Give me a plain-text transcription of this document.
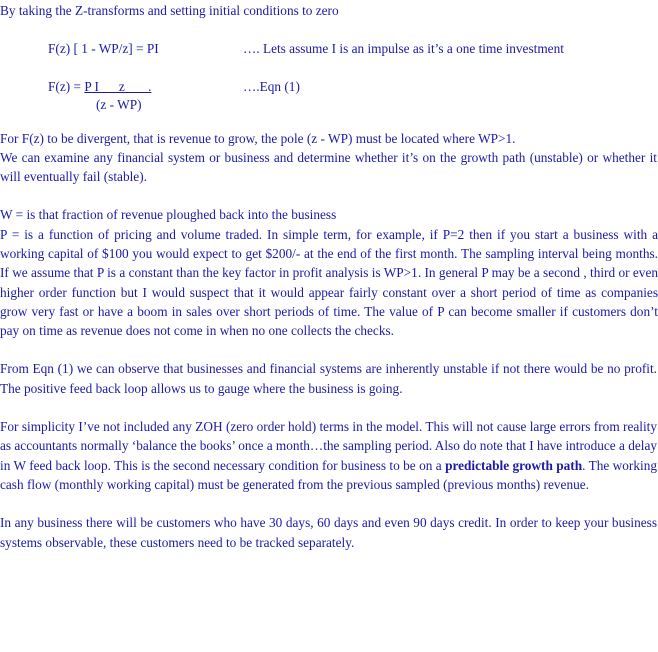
By taking the Z-transforms and setting initial conditions to zero
F(z) [ 1 - WP/z] = PI	…. Lets assume I is an impulse as it’s a one time investment
F(z) = P I      z       .	….Eqn (1)
(z - WP)
For F(z) to be divergent, that is revenue to grow, the pole (z - WP) must be located where WP>1.
We can examine any financial system or business and determine whether it’s on the growth path (unstable) or whether it will eventually fail (stable).
W = is that fraction of revenue ploughed back into the business
P = is a function of pricing and volume traded. In simple term, for example, if P=2 then if you start a business with a working capital of $100 you would expect to get $200/- at the end of the first month. The sampling interval being months. If we assume that P is a constant than the key factor in profit analysis is WP>1. In general P may be a second , third or even higher order function but I would suspect that it would appear fairly constant over a short period of time as companies grow very fast or have a boom in sales over short periods of time. The value of P can become smaller if customers don’t pay on time as revenue does not come in when no one collects the checks.
From Eqn (1) we can observe that businesses and financial systems are inherently unstable if not there would be no profit. The positive feed back loop allows us to gauge where the business is going.
For simplicity I’ve not included any ZOH (zero order hold) terms in the model. This will not cause large errors from reality as accountants normally ‘balance the books’ once a month…the sampling period. Also do note that I have introduce a delay in W feed back loop. This is the second necessary condition for business to be on a predictable growth path. The working cash flow (monthly working capital) must be generated from the previous sampled (previous months) revenue.
In any business there will be customers who have 30 days, 60 days and even 90 days credit. In order to keep your business systems observable, these customers need to be tracked separately.
